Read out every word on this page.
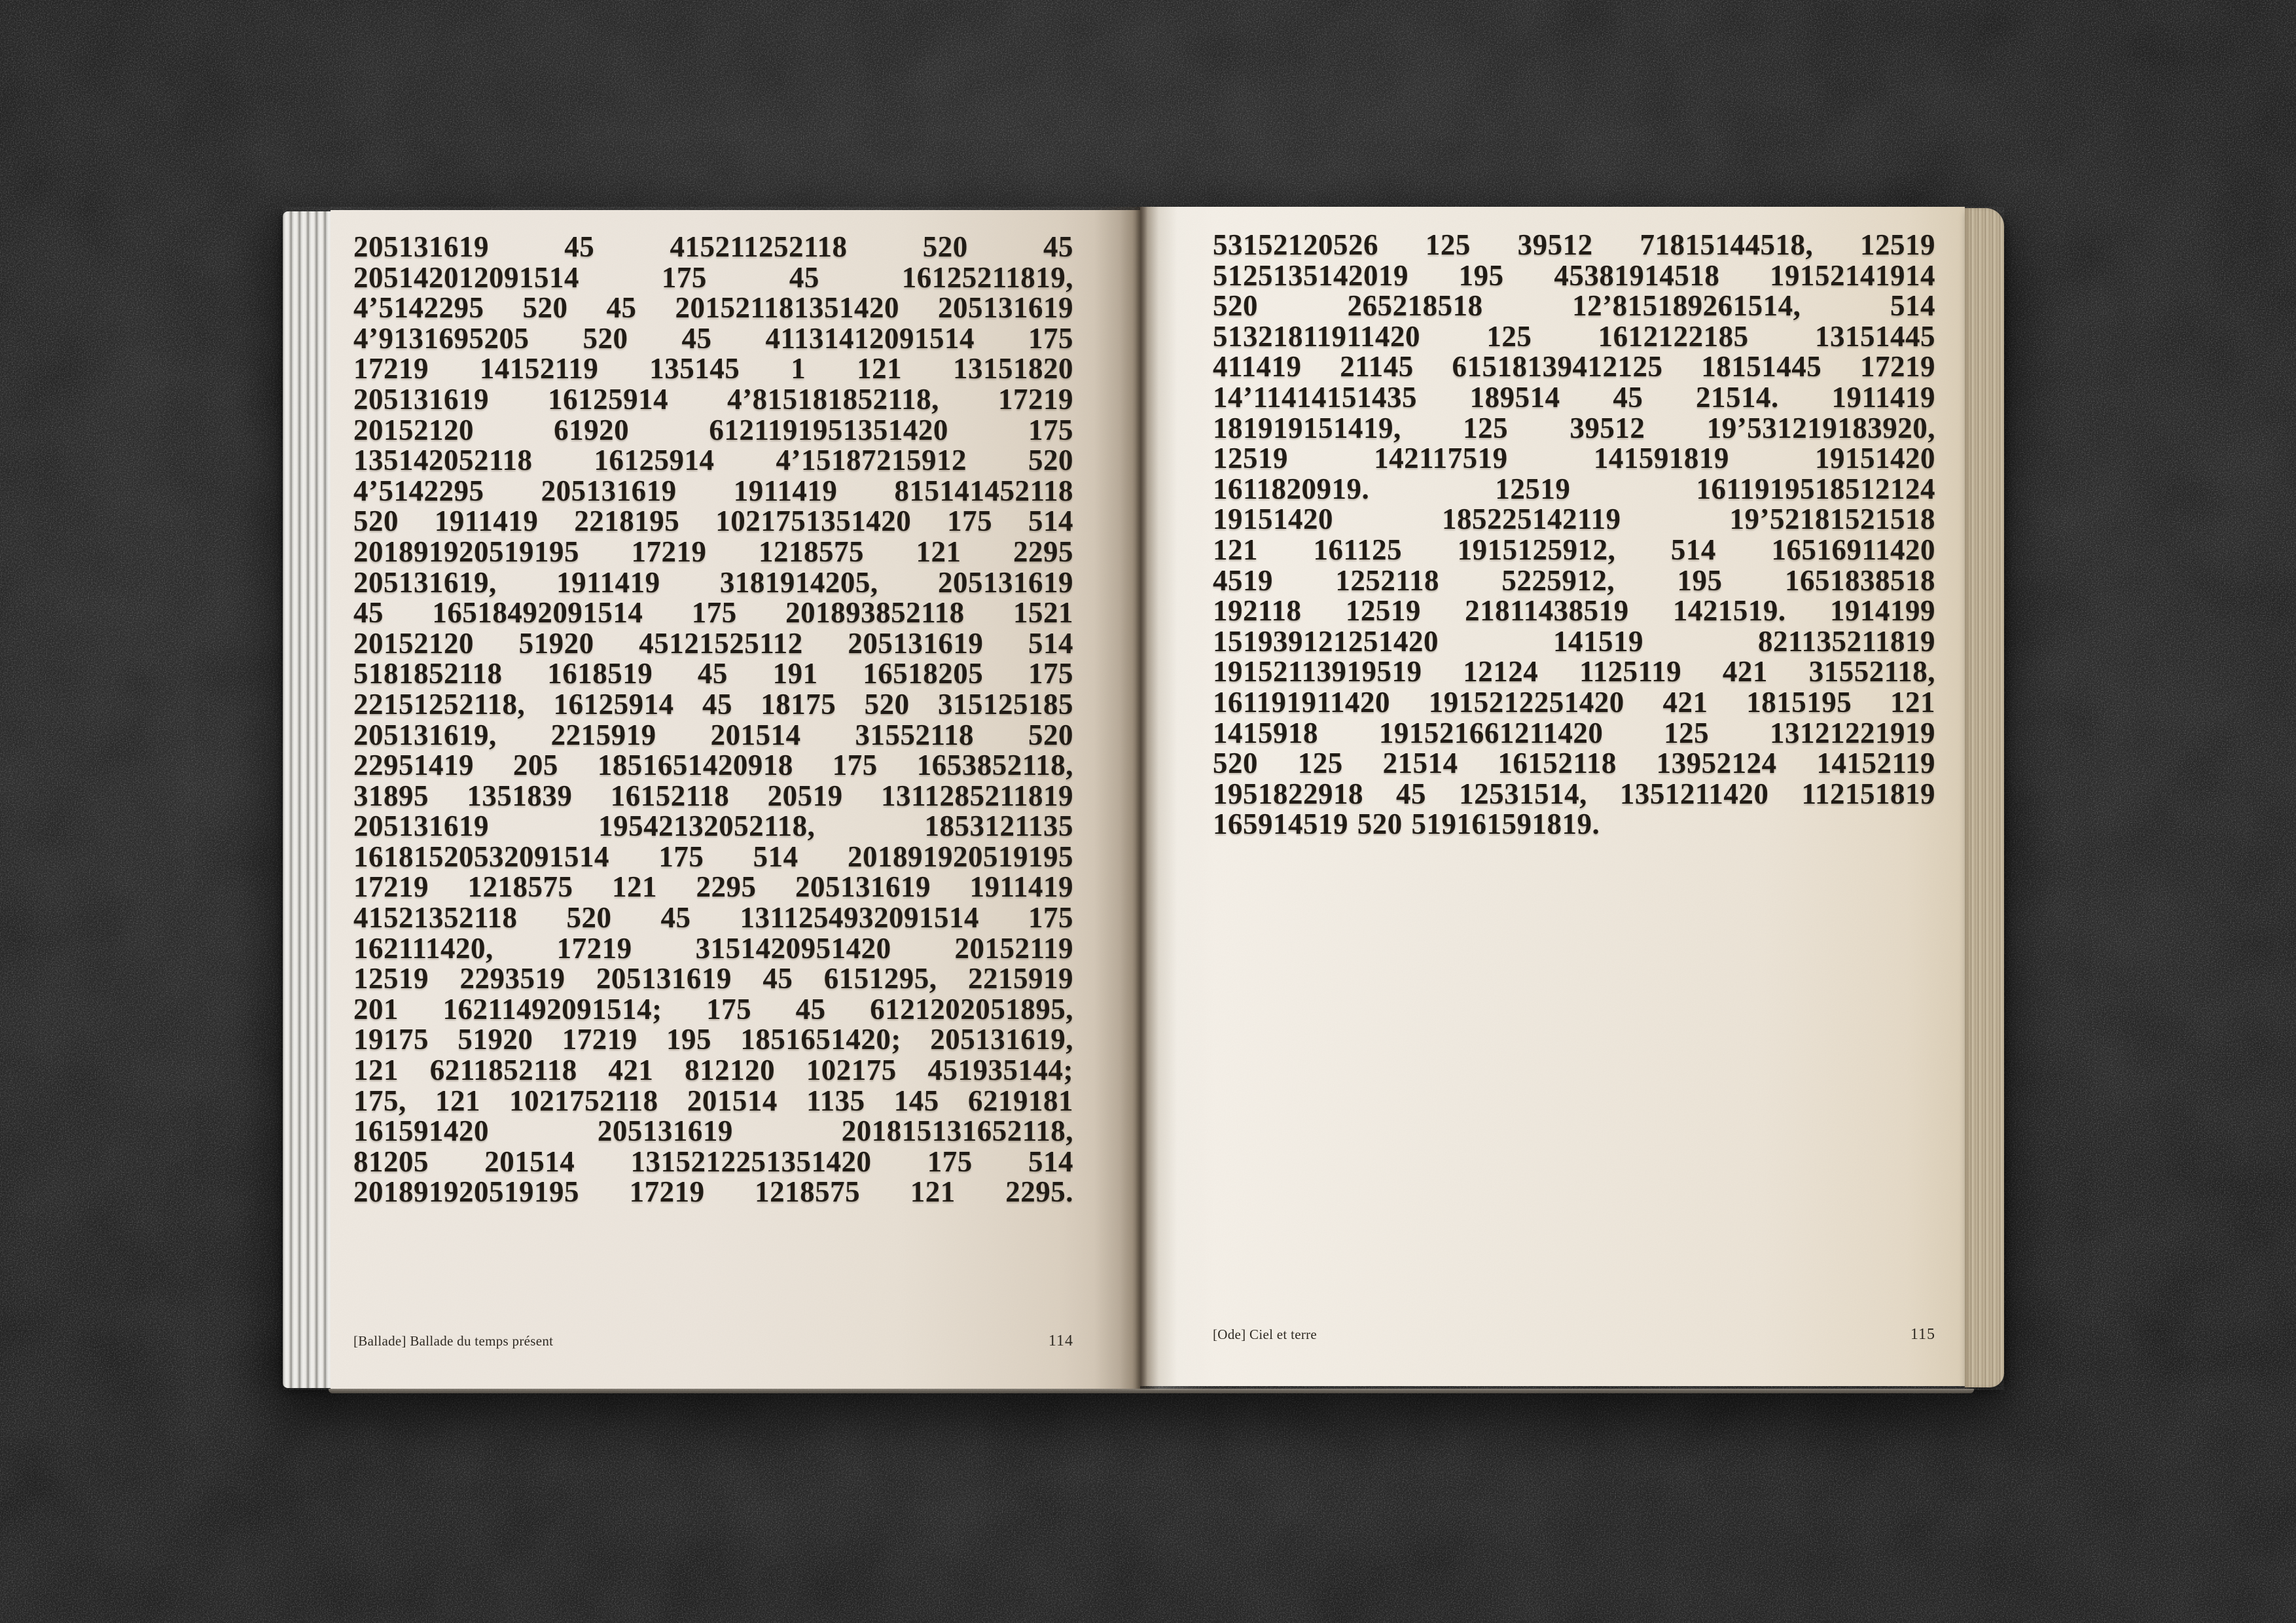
205131619 45 415211252118 520 45
205142012091514 175 45 16125211819,
4’5142295 520 45 201521181351420 205131619
4’9131695205 520 45 41131412091514 175
17219 14152119 135145 1 121 13151820
205131619 16125914 4’815181852118, 17219
20152120 61920 6121191951351420 175
135142052118 16125914 4’15187215912 520
4’5142295 205131619 1911419 815141452118
520 1911419 2218195 1021751351420 175 514
201891920519195 17219 1218575 121 2295
205131619, 1911419 3181914205, 205131619
45 16518492091514 175 201893852118 1521
20152120 51920 45121525112 205131619 514
5181852118 1618519 45 191 16518205 175
22151252118, 16125914 45 18175 520 315125185
205131619, 2215919 201514 31552118 520
22951419 205 1851651420918 175 1653852118,
31895 1351839 16152118 20519 1311285211819
205131619 19542132052118, 1853121135
16181520532091514 175 514 201891920519195
17219 1218575 121 2295 205131619 1911419
41521352118 520 45 1311254932091514 175
162111420, 17219 3151420951420 20152119
12519 2293519 205131619 45 6151295, 2215919
201 16211492091514; 175 45 6121202051895,
19175 51920 17219 195 1851651420; 205131619,
121 6211852118 421 812120 102175 451935144;
175, 121 1021752118 201514 1135 145 6219181
161591420 205131619 201815131652118,
81205 201514 1315212251351420 175 514
201891920519195 17219 1218575 121 2295.
53152120526 125 39512 71815144518, 12519
5125135142019 195 45381914518 19152141914
520 265218518 12’815189261514, 514
51321811911420 125 1612122185 13151445
411419 21145 61518139412125 18151445 17219
14’11414151435 189514 45 21514. 1911419
181919151419, 125 39512 19’531219183920,
12519 142117519 141591819 19151420
1611820919. 12519 1611919518512124
19151420 185225142119 19’52181521518
121 161125 1915125912, 514 16516911420
4519 1252118 5225912, 195 1651838518
192118 12519 21811438519 1421519. 1914199
151939121251420 141519 821135211819
19152113919519 12124 1125119 421 31552118,
161191911420 1915212251420 421 1815195 121
1415918 191521661211420 125 13121221919
520 125 21514 16152118 13952124 14152119
1951822918 45 12531514, 1351211420 112151819
165914519 520 519161591819.
[Ballade] Ballade du temps présent	114	[Ode] Ciel et terre	115
